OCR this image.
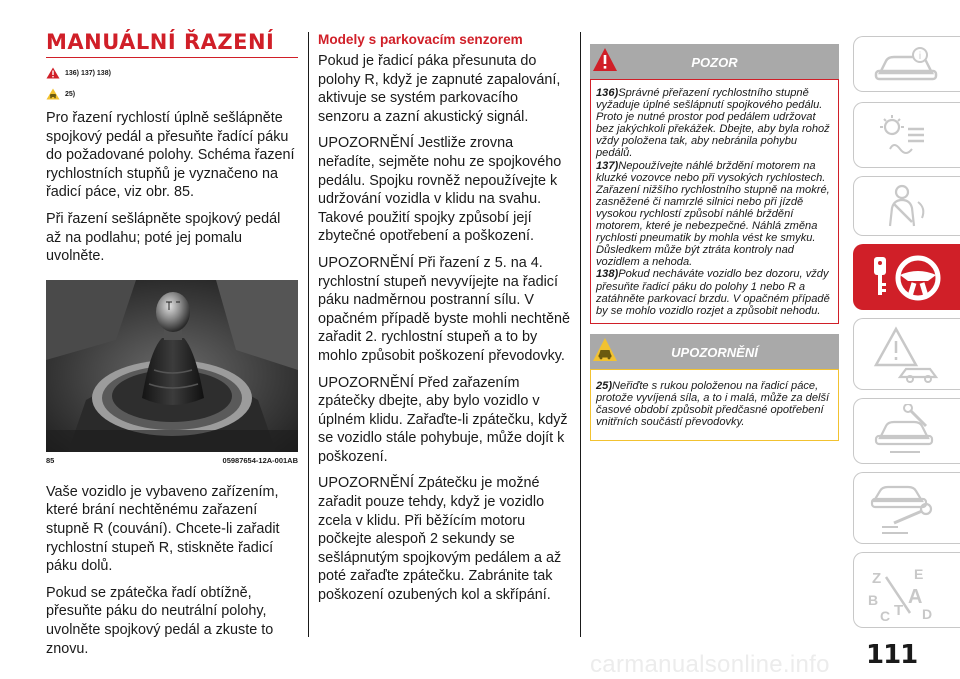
MANUÁLNÍ ŘAZENÍ
136) 137) 138)
25)

Pro řazení rychlostí úplně sešlápněte spojkový pedál a přesuňte řadící páku do požadované polohy. Schéma řazení rychlostních stupňů je vyznačeno na řadicí páce, viz obr. 85.

Při řazení sešlápněte spojkový pedál až na podlahu; poté jej pomalu uvolněte.

85	05987654-12A-001AB

Vaše vozidlo je vybaveno zařízením, které brání nechtěnému zařazení stupně R (couvání). Chcete-li zařadit rychlostní stupeň R, stiskněte řadicí páku dolů.

Pokud se zpátečka řadí obtížně, přesuňte páku do neutrální polohy, uvolněte spojkový pedál a zkuste to znovu.

Modely s parkovacím senzorem

Pokud je řadicí páka přesunuta do polohy R, když je zapnuté zapalování, aktivuje se systém parkovacího senzoru a zazní akustický signál.

UPOZORNĚNÍ Jestliže zrovna neřadíte, sejměte nohu ze spojkového pedálu. Spojku rovněž nepoužívejte k udržování vozidla v klidu na svahu. Takové použití spojky způsobí její zbytečné opotřebení a poškození.

UPOZORNĚNÍ Při řazení z 5. na 4. rychlostní stupeň nevyvíjejte na řadicí páku nadměrnou postranní sílu. V opačném případě byste mohli nechtěně zařadit 2. rychlostní stupeň a to by mohlo způsobit poškození převodovky.

UPOZORNĚNÍ Před zařazením zpátečky dbejte, aby bylo vozidlo v úplném klidu. Zařaďte-li zpátečku, když se vozidlo stále pohybuje, může dojít k poškození.

UPOZORNĚNÍ Zpátečku je možné zařadit pouze tehdy, když je vozidlo zcela v klidu. Při běžícím motoru počkejte alespoň 2 sekundy se sešlápnutým spojkovým pedálem a až poté zařaďte zpátečku. Zabránite tak poškození ozubených kol a skřípání.

POZOR

136)Správné přeřazení rychlostního stupně vyžaduje úplné sešlápnutí spojkového pedálu. Proto je nutné prostor pod pedálem udržovat bez jakýchkoli překážek. Dbejte, aby byla rohož vždy položena tak, aby nebránila pohybu pedálů.

137)Nepoužívejte náhlé brždění motorem na kluzké vozovce nebo při vysokých rychlostech. Zařazení nižšího rychlostního stupně na mokré, zasněžené či namrzlé silnici nebo při jízdě vysokou rychlostí způsobí náhlé brždění motorem, které je nebezpečné. Náhlá změna rychlosti pneumatik by mohla vést ke smyku. Důsledkem může být ztráta kontroly nad vozidlem a nehoda.

138)Pokud necháváte vozidlo bez dozoru, vždy přesuňte řadicí páku do polohy 1 nebo R a zatáhněte parkovací brzdu. V opačném případě by se mohlo vozidlo rozjet a způsobit nehodu.

UPOZORNĚNÍ

25)Neřiďte s rukou položenou na řadicí páce, protože vyvíjená síla, a to i malá, může za delší časové období způsobit předčasné opotřebení vnitřních součástí převodovky.

i
Z E
B A
C T D
111
carmanualsonline.info
